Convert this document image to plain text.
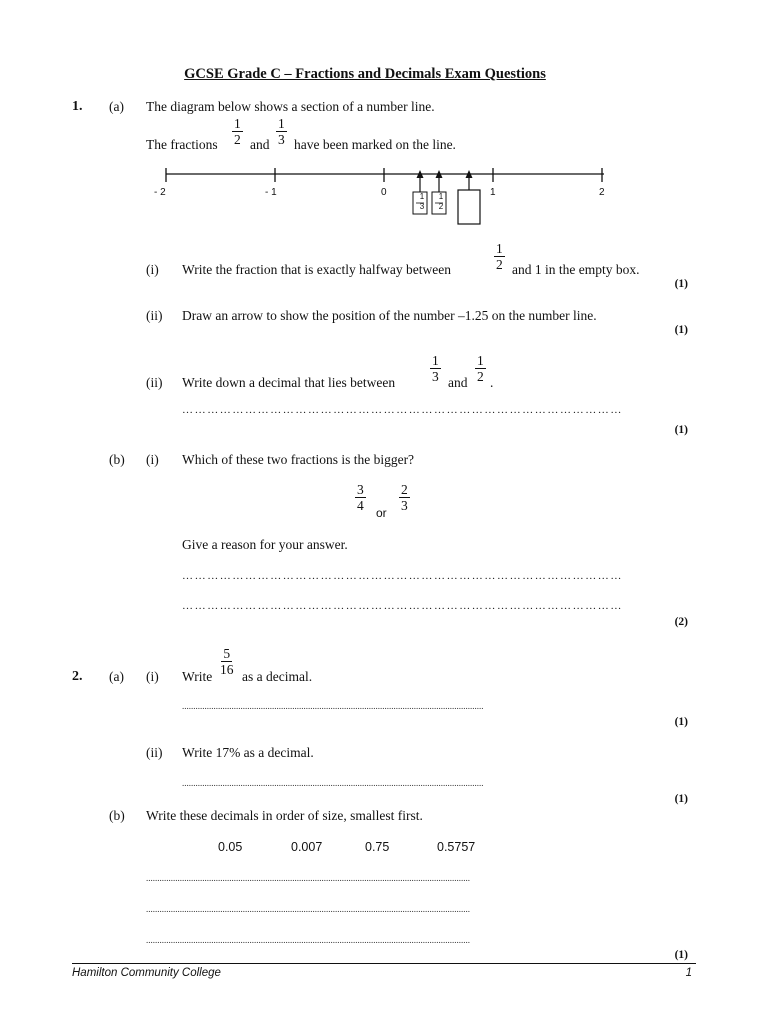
GCSE Grade C – Fractions and Decimals Exam Questions
1. (a) The diagram below shows a section of a number line.
The fractions $\frac{1}{2}$ and $\frac{1}{3}$ have been marked on the line.
- 2	- 1	0	1	2
1
3
1
2
(i) Write the fraction that is exactly halfway between	$\frac{1}{2}$ and 1 in the empty box.
(1)
(ii) Draw an arrow to show the position of the number –1.25 on the number line.
(1)
(ii) Write down a decimal that lies between	$\frac{1}{3}$ and $\frac{1}{2}$ .
……………………………………………………………………………………………
(1)
(b) (i) Which of these two fractions is the bigger?
$\frac{3}{4}$ or $\frac{2}{3}$
Give a reason for your answer.
……………………………………………………………………………………………
……………………………………………………………………………………………
(2)
$\frac{5}{16}$
2. (a) (i) Write as a decimal.
......................................................................................................................................
(1)
(ii) Write 17% as a decimal.
......................................................................................................................................
(1)
(b) Write these decimals in order of size, smallest first.
0.05	0.007	0.75	0.5757
................................................................................................................................................
................................................................................................................................................
................................................................................................................................................
(1)
Hamilton Community College	1
